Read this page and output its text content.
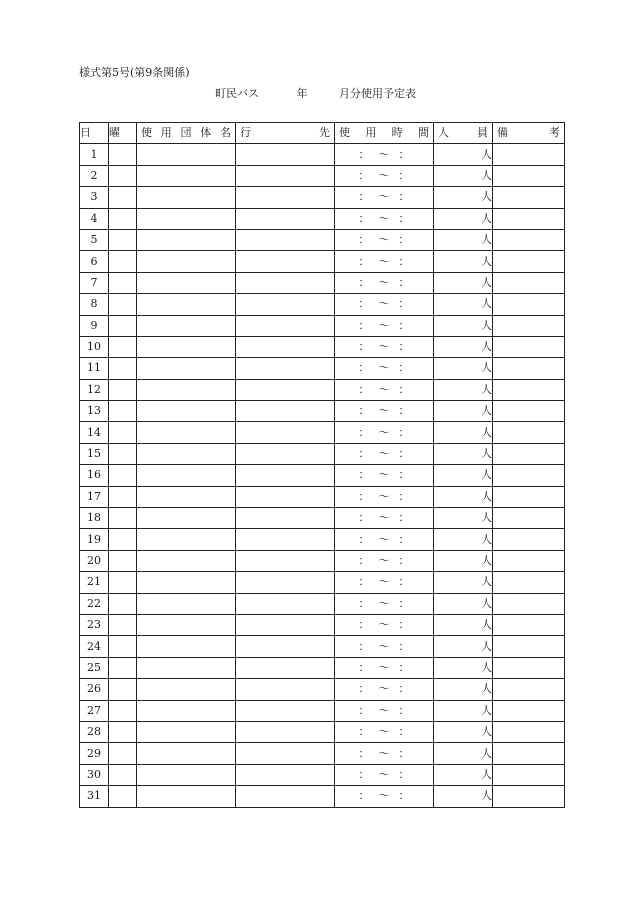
様式第5号(第9条関係)
町民バス	年	月分使用予定表
日	曜	使 用 団 体 名	行 先	使 用 時 間	人 員	備 考

1				： ～ ：	人	
2				： ～ ：	人	
3				： ～ ：	人	
4				： ～ ：	人	
5				： ～ ：	人	
6				： ～ ：	人	
7				： ～ ：	人	
8				： ～ ：	人	
9				： ～ ：	人	
10				： ～ ：	人	
11				： ～ ：	人	
12				： ～ ：	人	
13				： ～ ：	人	
14				： ～ ：	人	
15				： ～ ：	人	
16				： ～ ：	人	
17				： ～ ：	人	
18				： ～ ：	人	
19				： ～ ：	人	
20				： ～ ：	人	
21				： ～ ：	人	
22				： ～ ：	人	
23				： ～ ：	人	
24				： ～ ：	人	
25				： ～ ：	人	
26				： ～ ：	人	
27				： ～ ：	人	
28				： ～ ：	人	
29				： ～ ：	人	
30				： ～ ：	人	
31				： ～ ：	人	
